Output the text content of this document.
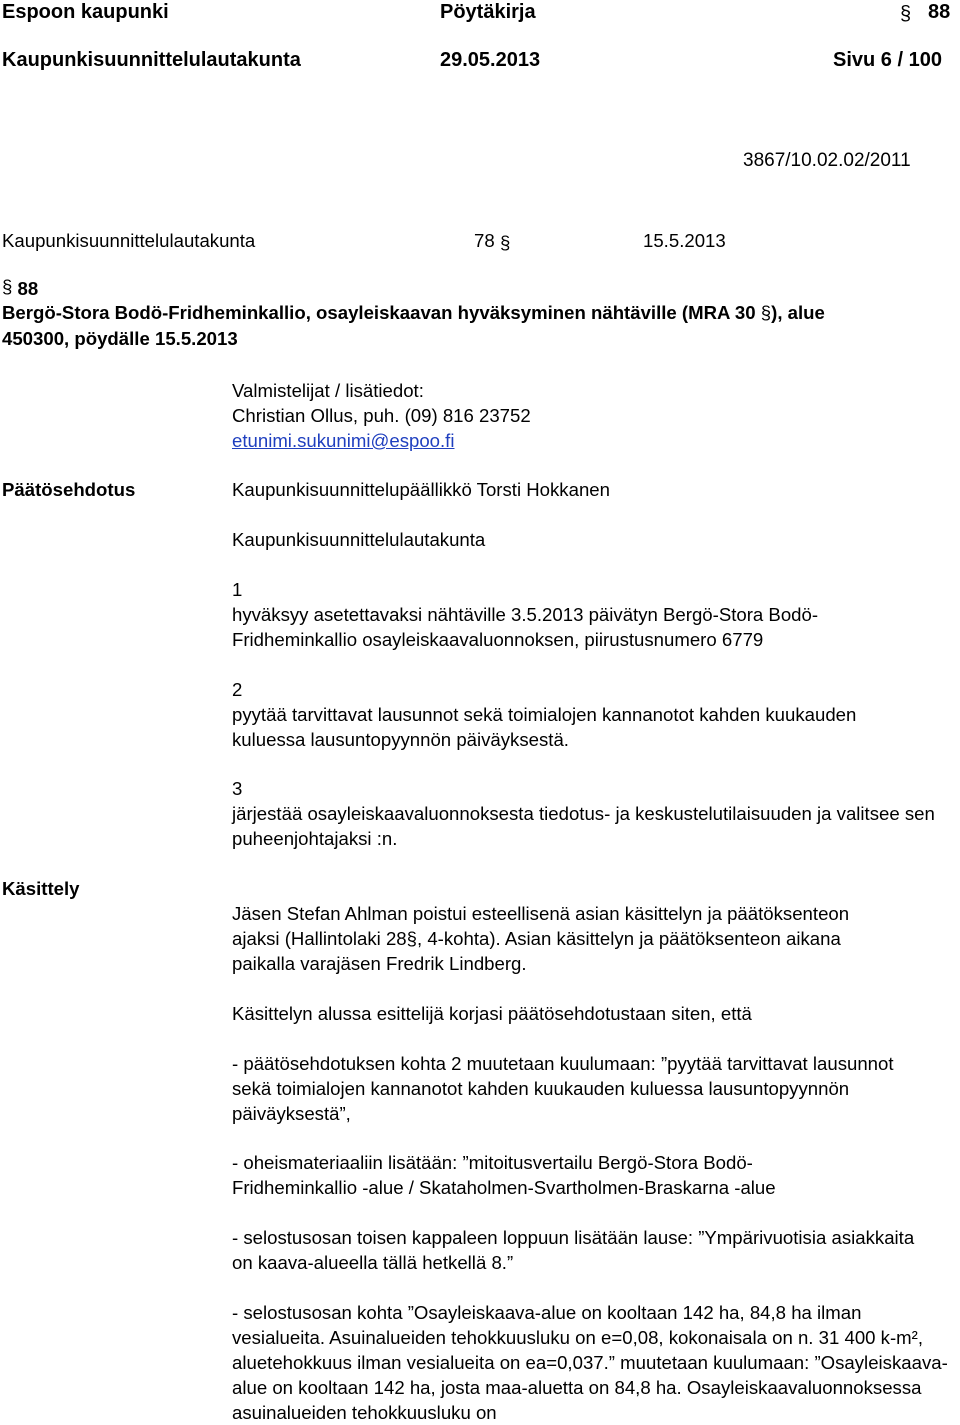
Espoon kaupunki	Pöytäkirja	§ 88
Kaupunkisuunnittelulautakunta	29.05.2013	Sivu 6 / 100
3867/10.02.02/2011
Kaupunkisuunnittelulautakunta	78 §	15.5.2013
§ 88
Bergö-Stora Bodö-Fridheminkallio, osayleiskaavan hyväksyminen nähtäville (MRA 30 §), alue
450300, pöydälle 15.5.2013
Valmistelijat / lisätiedot:
Christian Ollus, puh. (09) 816 23752
etunimi.sukunimi@espoo.fi
Päätösehdotus	Kaupunkisuunnittelupäällikkö Torsti Hokkanen
Kaupunkisuunnittelulautakunta
1
hyväksyy asetettavaksi nähtäville 3.5.2013 päivätyn Bergö-Stora Bodö-Fridheminkallio osayleiskaavaluonnoksen, piirustusnumero 6779
2
pyytää tarvittavat lausunnot sekä toimialojen kannanotot kahden kuukauden kuluessa lausuntopyynnön päiväyksestä.
3
järjestää osayleiskaavaluonnoksesta tiedotus- ja keskustelutilaisuuden ja valitsee sen puheenjohtajaksi :n.
Käsittely
Jäsen Stefan Ahlman poistui esteellisenä asian käsittelyn ja päätöksenteon ajaksi (Hallintolaki 28§, 4-kohta). Asian käsittelyn ja päätöksenteon aikana paikalla varajäsen Fredrik Lindberg.
Käsittelyn alussa esittelijä korjasi päätösehdotustaan siten, että
- päätösehdotuksen kohta 2 muutetaan kuulumaan: ”pyytää tarvittavat lausunnot sekä toimialojen kannanotot kahden kuukauden kuluessa lausuntopyynnön päiväyksestä”,
- oheismateriaaliin lisätään: ”mitoitusvertailu Bergö-Stora Bodö-Fridheminkallio -alue / Skataholmen-Svartholmen-Braskarna -alue
- selostusosan toisen kappaleen loppuun lisätään lause: ”Ympärivuotisia asiakkaita on kaava-alueella tällä hetkellä 8.”
- selostusosan kohta ”Osayleiskaava-alue on kooltaan 142 ha, 84,8 ha ilman vesialueita. Asuinalueiden tehokkuusluku on e=0,08, kokonaisala on n. 31 400 k-m², aluetehokkuus ilman vesialueita on ea=0,037.” muutetaan kuulumaan: ”Osayleiskaava-alue on kooltaan 142 ha, josta maa-aluetta on 84,8 ha. Osayleiskaavaluonnoksessa asuinalueiden tehokkuusluku on
